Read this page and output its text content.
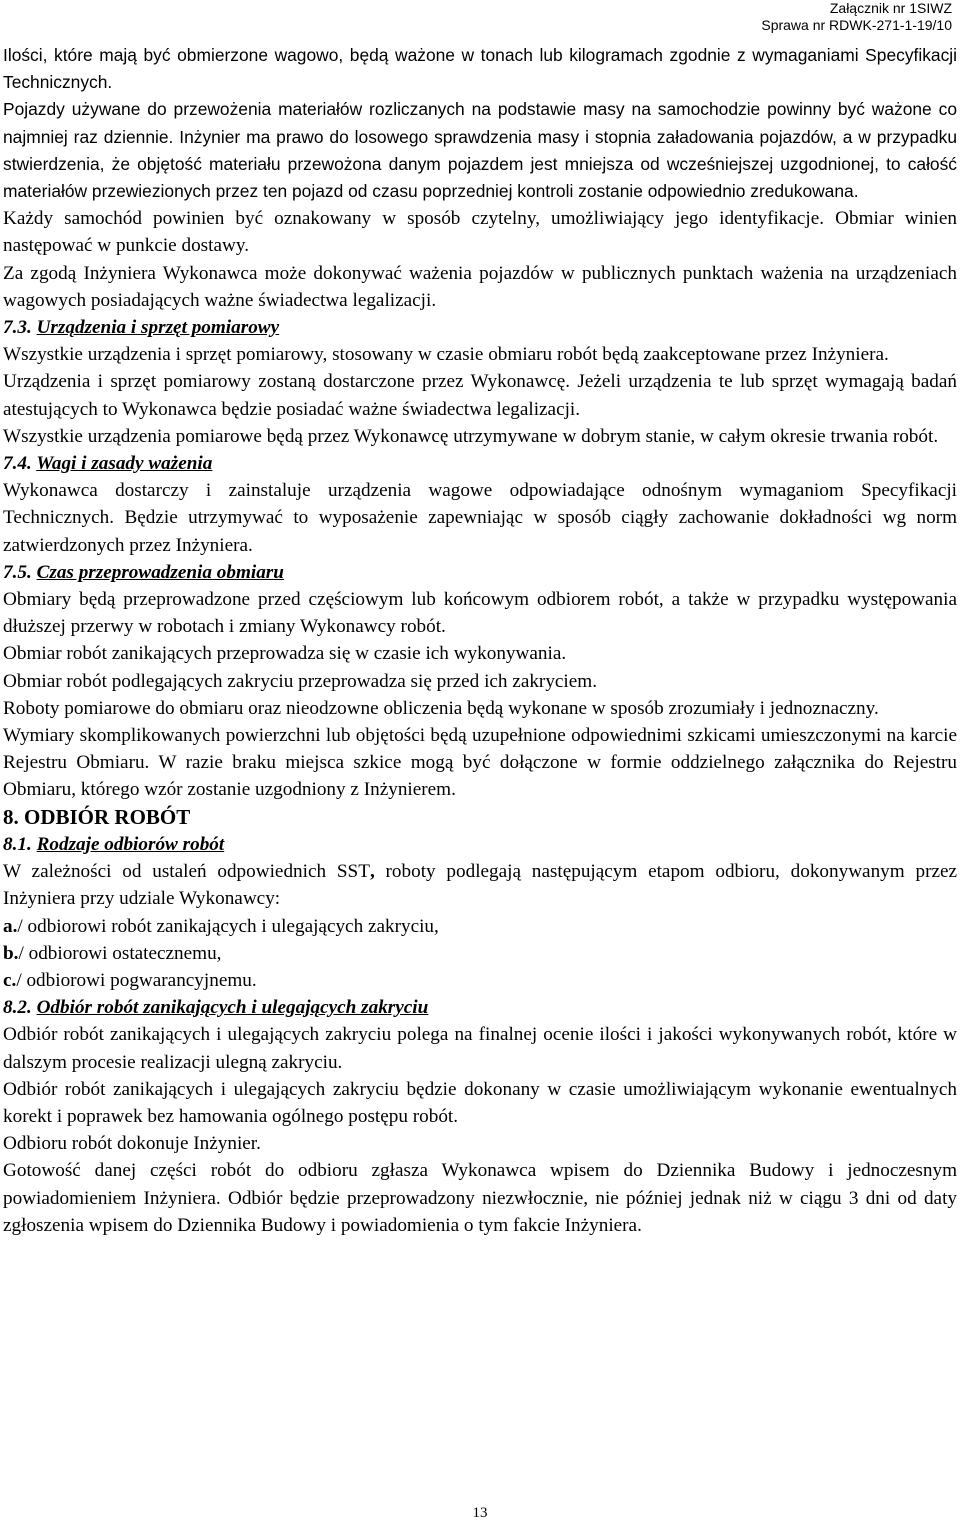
Załącznik nr 1SIWZ
Sprawa nr RDWK-271-1-19/10

Ilości, które mają być obmierzone wagowo, będą ważone w tonach lub kilogramach zgodnie z wymaganiami Specyfikacji Technicznych.

Pojazdy używane do przewożenia materiałów rozliczanych na podstawie masy na samochodzie powinny być ważone co najmniej raz dziennie. Inżynier ma prawo do losowego sprawdzenia masy i stopnia załadowania pojazdów, a w przypadku stwierdzenia, że objętość materiału przewożona danym pojazdem jest mniejsza od wcześniejszej uzgodnionej, to całość materiałów przewiezionych przez ten pojazd od czasu poprzedniej kontroli zostanie odpowiednio zredukowana.

Każdy samochód powinien być oznakowany w sposób czytelny, umożliwiający jego identyfikacje. Obmiar winien następować w punkcie dostawy.

Za zgodą Inżyniera Wykonawca może dokonywać ważenia pojazdów w publicznych punktach ważenia na urządzeniach wagowych posiadających ważne świadectwa legalizacji.

7.3. Urządzenia i sprzęt pomiarowy

Wszystkie urządzenia i sprzęt pomiarowy, stosowany w czasie obmiaru robót będą zaakceptowane przez Inżyniera.

Urządzenia i sprzęt pomiarowy zostaną dostarczone przez Wykonawcę. Jeżeli urządzenia te lub sprzęt wymagają badań atestujących to Wykonawca będzie posiadać ważne świadectwa legalizacji.

Wszystkie urządzenia pomiarowe będą przez Wykonawcę utrzymywane w dobrym stanie, w całym okresie trwania robót.

7.4. Wagi i zasady ważenia

Wykonawca dostarczy i zainstaluje urządzenia wagowe odpowiadające odnośnym wymaganiom Specyfikacji Technicznych. Będzie utrzymywać to wyposażenie zapewniając w sposób ciągły zachowanie dokładności wg norm zatwierdzonych przez Inżyniera.

7.5. Czas przeprowadzenia obmiaru

Obmiary będą przeprowadzone przed częściowym lub końcowym odbiorem robót, a także w przypadku występowania dłuższej przerwy w robotach i zmiany Wykonawcy robót.

Obmiar robót zanikających przeprowadza się w czasie ich wykonywania.

Obmiar robót podlegających zakryciu przeprowadza się przed ich zakryciem.

Roboty pomiarowe do obmiaru oraz nieodzowne obliczenia będą wykonane w sposób zrozumiały i jednoznaczny.

Wymiary skomplikowanych powierzchni lub objętości będą uzupełnione odpowiednimi szkicami umieszczonymi na karcie Rejestru Obmiaru. W razie braku miejsca szkice mogą być dołączone w formie oddzielnego załącznika do Rejestru Obmiaru, którego wzór zostanie uzgodniony z Inżynierem.

8. ODBIÓR ROBÓT

8.1. Rodzaje odbiorów robót

W zależności od ustaleń odpowiednich SST, roboty podlegają następującym etapom odbioru, dokonywanym przez Inżyniera przy udziale Wykonawcy:

a./ odbiorowi robót zanikających i ulegających zakryciu,

b./ odbiorowi ostatecznemu,

c./ odbiorowi pogwarancyjnemu.

8.2. Odbiór robót zanikających i ulegających zakryciu

Odbiór robót zanikających i ulegających zakryciu polega na finalnej ocenie ilości i jakości wykonywanych robót, które w dalszym procesie realizacji ulegną zakryciu.

Odbiór robót zanikających i ulegających zakryciu będzie dokonany w czasie umożliwiającym wykonanie ewentualnych korekt i poprawek bez hamowania ogólnego postępu robót.

Odbioru robót dokonuje Inżynier.

Gotowość danej części robót do odbioru zgłasza Wykonawca wpisem do Dziennika Budowy i jednoczesnym powiadomieniem Inżyniera. Odbiór będzie przeprowadzony niezwłocznie, nie później jednak niż w ciągu 3 dni od daty zgłoszenia wpisem do Dziennika Budowy i powiadomienia o tym fakcie Inżyniera.

13
